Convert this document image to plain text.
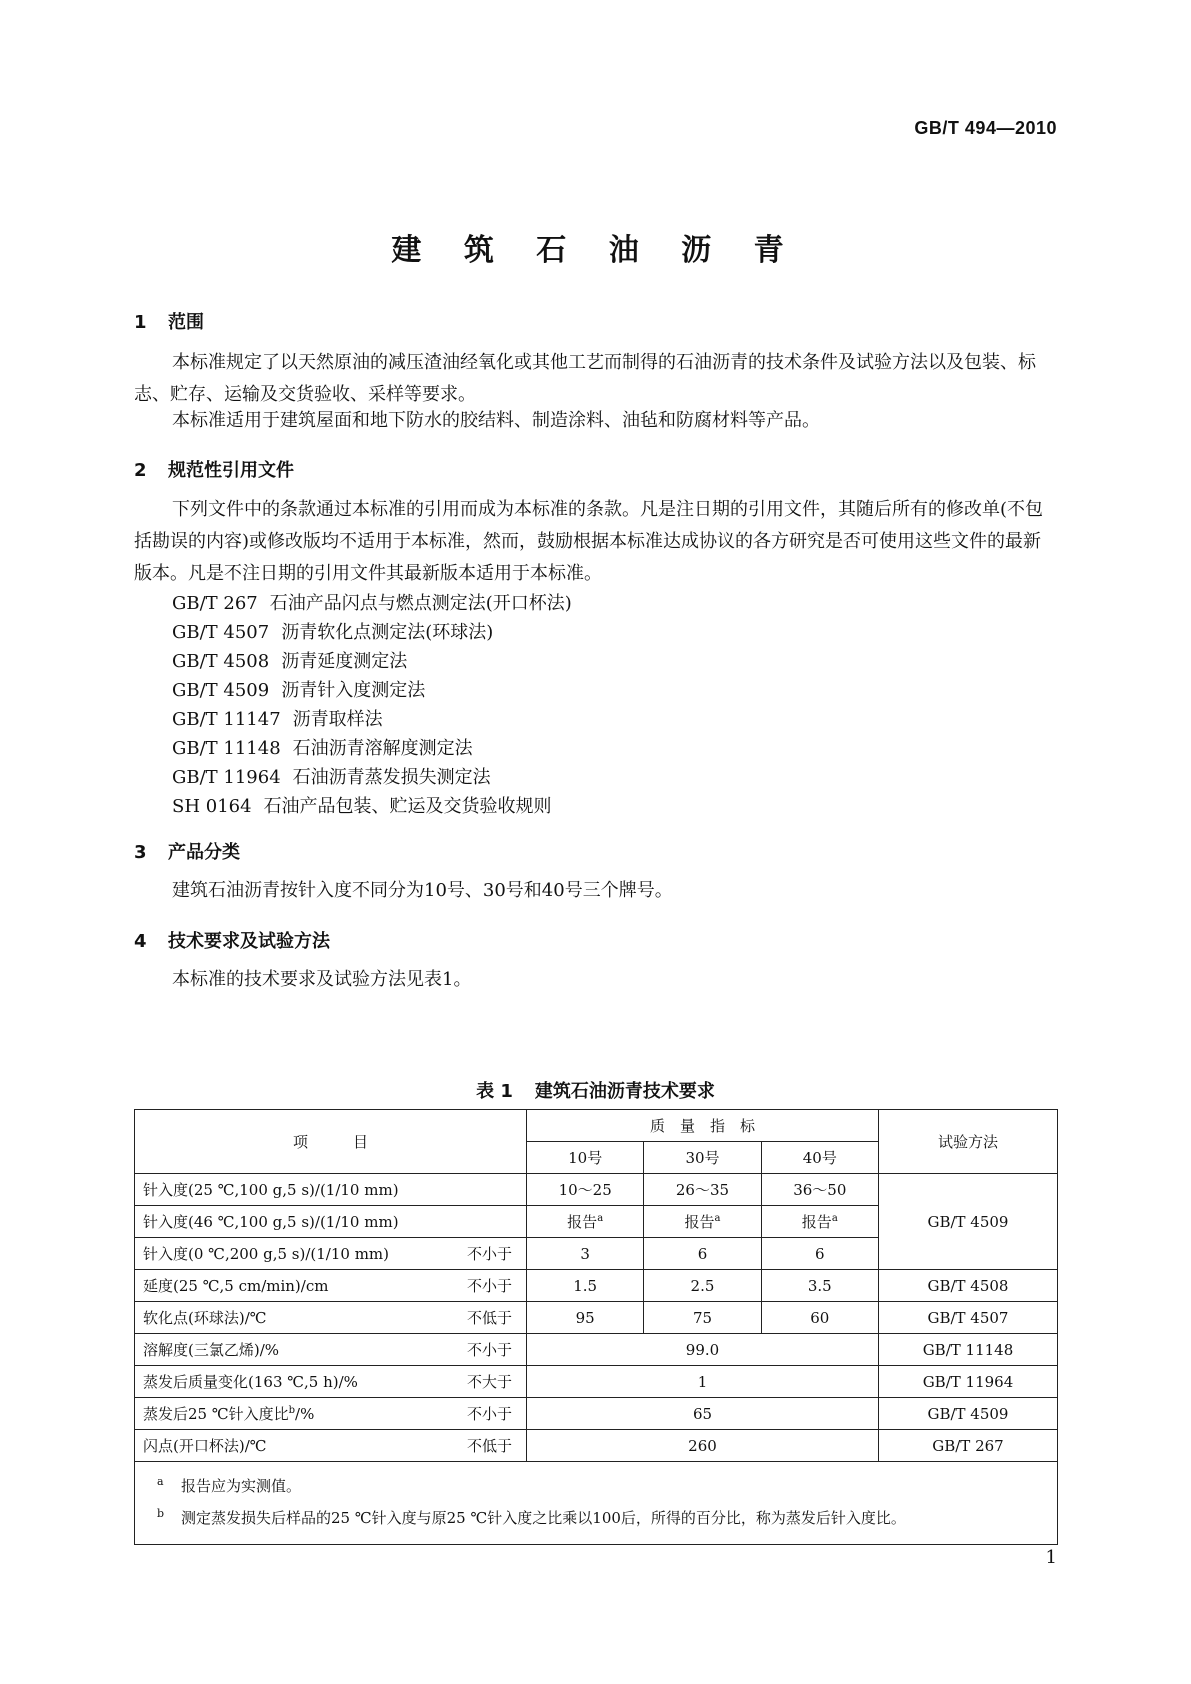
GB/T 494—2010
建 筑 石 油 沥 青
1 范围
本标准规定了以天然原油的减压渣油经氧化或其他工艺而制得的石油沥青的技术条件及试验方法以及包装、标志、贮存、运输及交货验收、采样等要求。
本标准适用于建筑屋面和地下防水的胶结料、制造涂料、油毡和防腐材料等产品。
2 规范性引用文件
下列文件中的条款通过本标准的引用而成为本标准的条款。凡是注日期的引用文件，其随后所有的修改单(不包括勘误的内容)或修改版均不适用于本标准，然而，鼓励根据本标准达成协议的各方研究是否可使用这些文件的最新版本。凡是不注日期的引用文件其最新版本适用于本标准。
GB/T 267 石油产品闪点与燃点测定法(开口杯法)
GB/T 4507 沥青软化点测定法(环球法)
GB/T 4508 沥青延度测定法
GB/T 4509 沥青针入度测定法
GB/T 11147 沥青取样法
GB/T 11148 石油沥青溶解度测定法
GB/T 11964 石油沥青蒸发损失测定法
SH 0164 石油产品包装、贮运及交货验收规则
3 产品分类
建筑石油沥青按针入度不同分为10号、30号和40号三个牌号。
4 技术要求及试验方法
本标准的技术要求及试验方法见表1。
表 1 建筑石油沥青技术要求
项　　　目		质　量　指　标			试验方法
		10号	30号	40号	
针入度(25 ℃,100 g,5 s)/(1/10 mm)		10～25	26～35	36～50	GB/T 4509
针入度(46 ℃,100 g,5 s)/(1/10 mm)		报告$^a$	报告$^a$	报告$^a$
针入度(0 ℃,200 g,5 s)/(1/10 mm)	不小于	3	6	6	
延度(25 ℃,5 cm/min)/cm	不小于	1.5	2.5	3.5	GB/T 4508
软化点(环球法)/℃	不低于	95	75	60	GB/T 4507
溶解度(三氯乙烯)/%	不小于	99.0			GB/T 11148
蒸发后质量变化(163 ℃,5 h)/%	不大于	1			GB/T 11964
蒸发后25 ℃针入度比$^b$/%	不小于	65			GB/T 4509
闪点(开口杯法)/℃	不低于	260			GB/T 267

a 报告应为实测值。
b 测定蒸发损失后样品的25 ℃针入度与原25 ℃针入度之比乘以100后，所得的百分比，称为蒸发后针入度比。					
1
